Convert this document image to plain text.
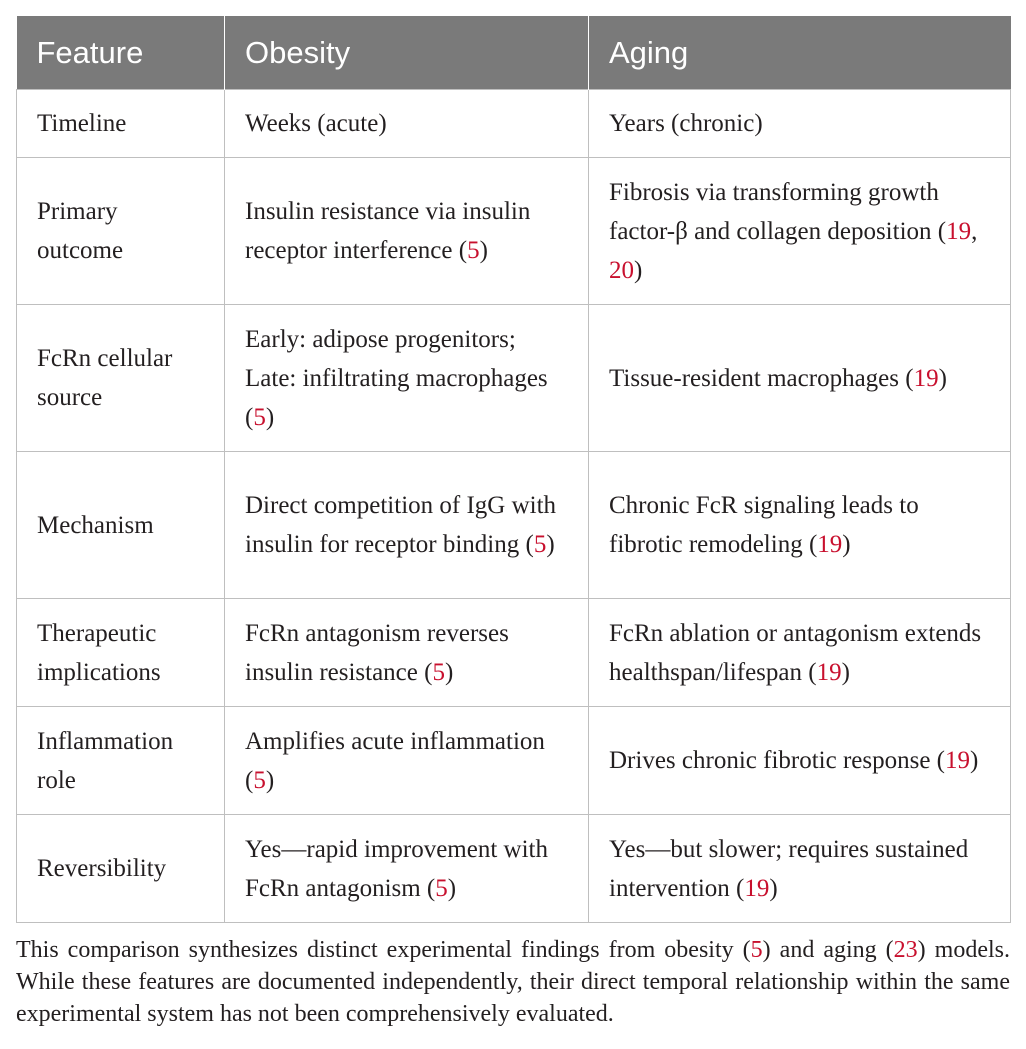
Feature	Obesity	Aging
Timeline	Weeks (acute)	Years (chronic)
Primary outcome	Insulin resistance via insulin receptor interference (5)	Fibrosis via transforming growth factor-β and collagen deposition (19, 20)
FcRn cellular source	Early: adipose progenitors; Late: infiltrating macrophages (5)	Tissue-resident macrophages (19)
Mechanism	Direct competition of IgG with insulin for receptor binding (5)	Chronic FcR signaling leads to fibrotic remodeling (19)
Therapeutic implications	FcRn antagonism reverses insulin resistance (5)	FcRn ablation or antagonism extends healthspan/lifespan (19)
Inflammation role	Amplifies acute inflammation (5)	Drives chronic fibrotic response (19)
Reversibility	Yes—rapid improvement with FcRn antagonism (5)	Yes—but slower; requires sustained intervention (19)

This comparison synthesizes distinct experimental findings from obesity (5) and aging (23) models. While these features are documented independently, their direct temporal relationship within the same experimental system has not been comprehensively evaluated.
